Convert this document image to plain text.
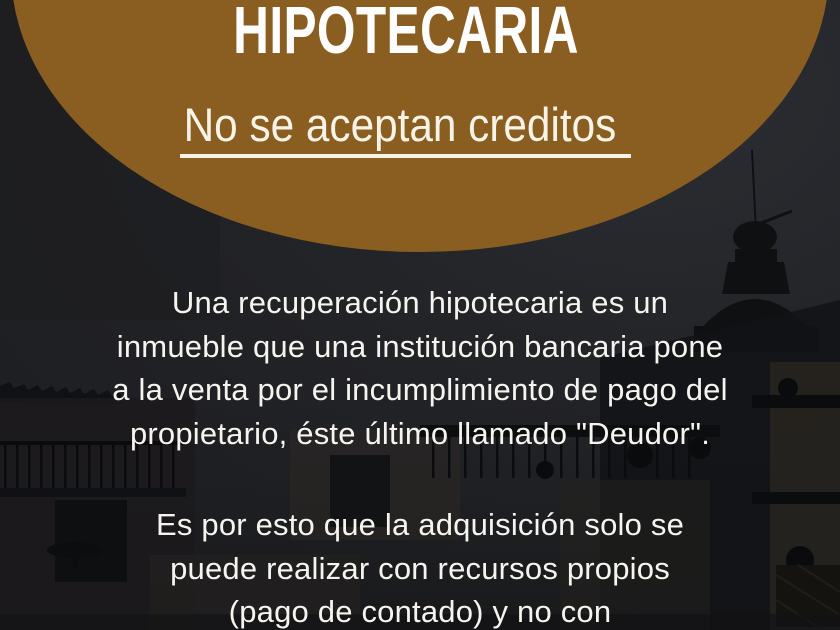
HIPOTECARIA
No se aceptan creditos
Una recuperación hipotecaria es un
inmueble que una institución bancaria pone
a la venta por el incumplimiento de pago del
propietario, éste último llamado "Deudor".
Es por esto que la adquisición solo se
puede realizar con recursos propios
(pago de contado) y no con
